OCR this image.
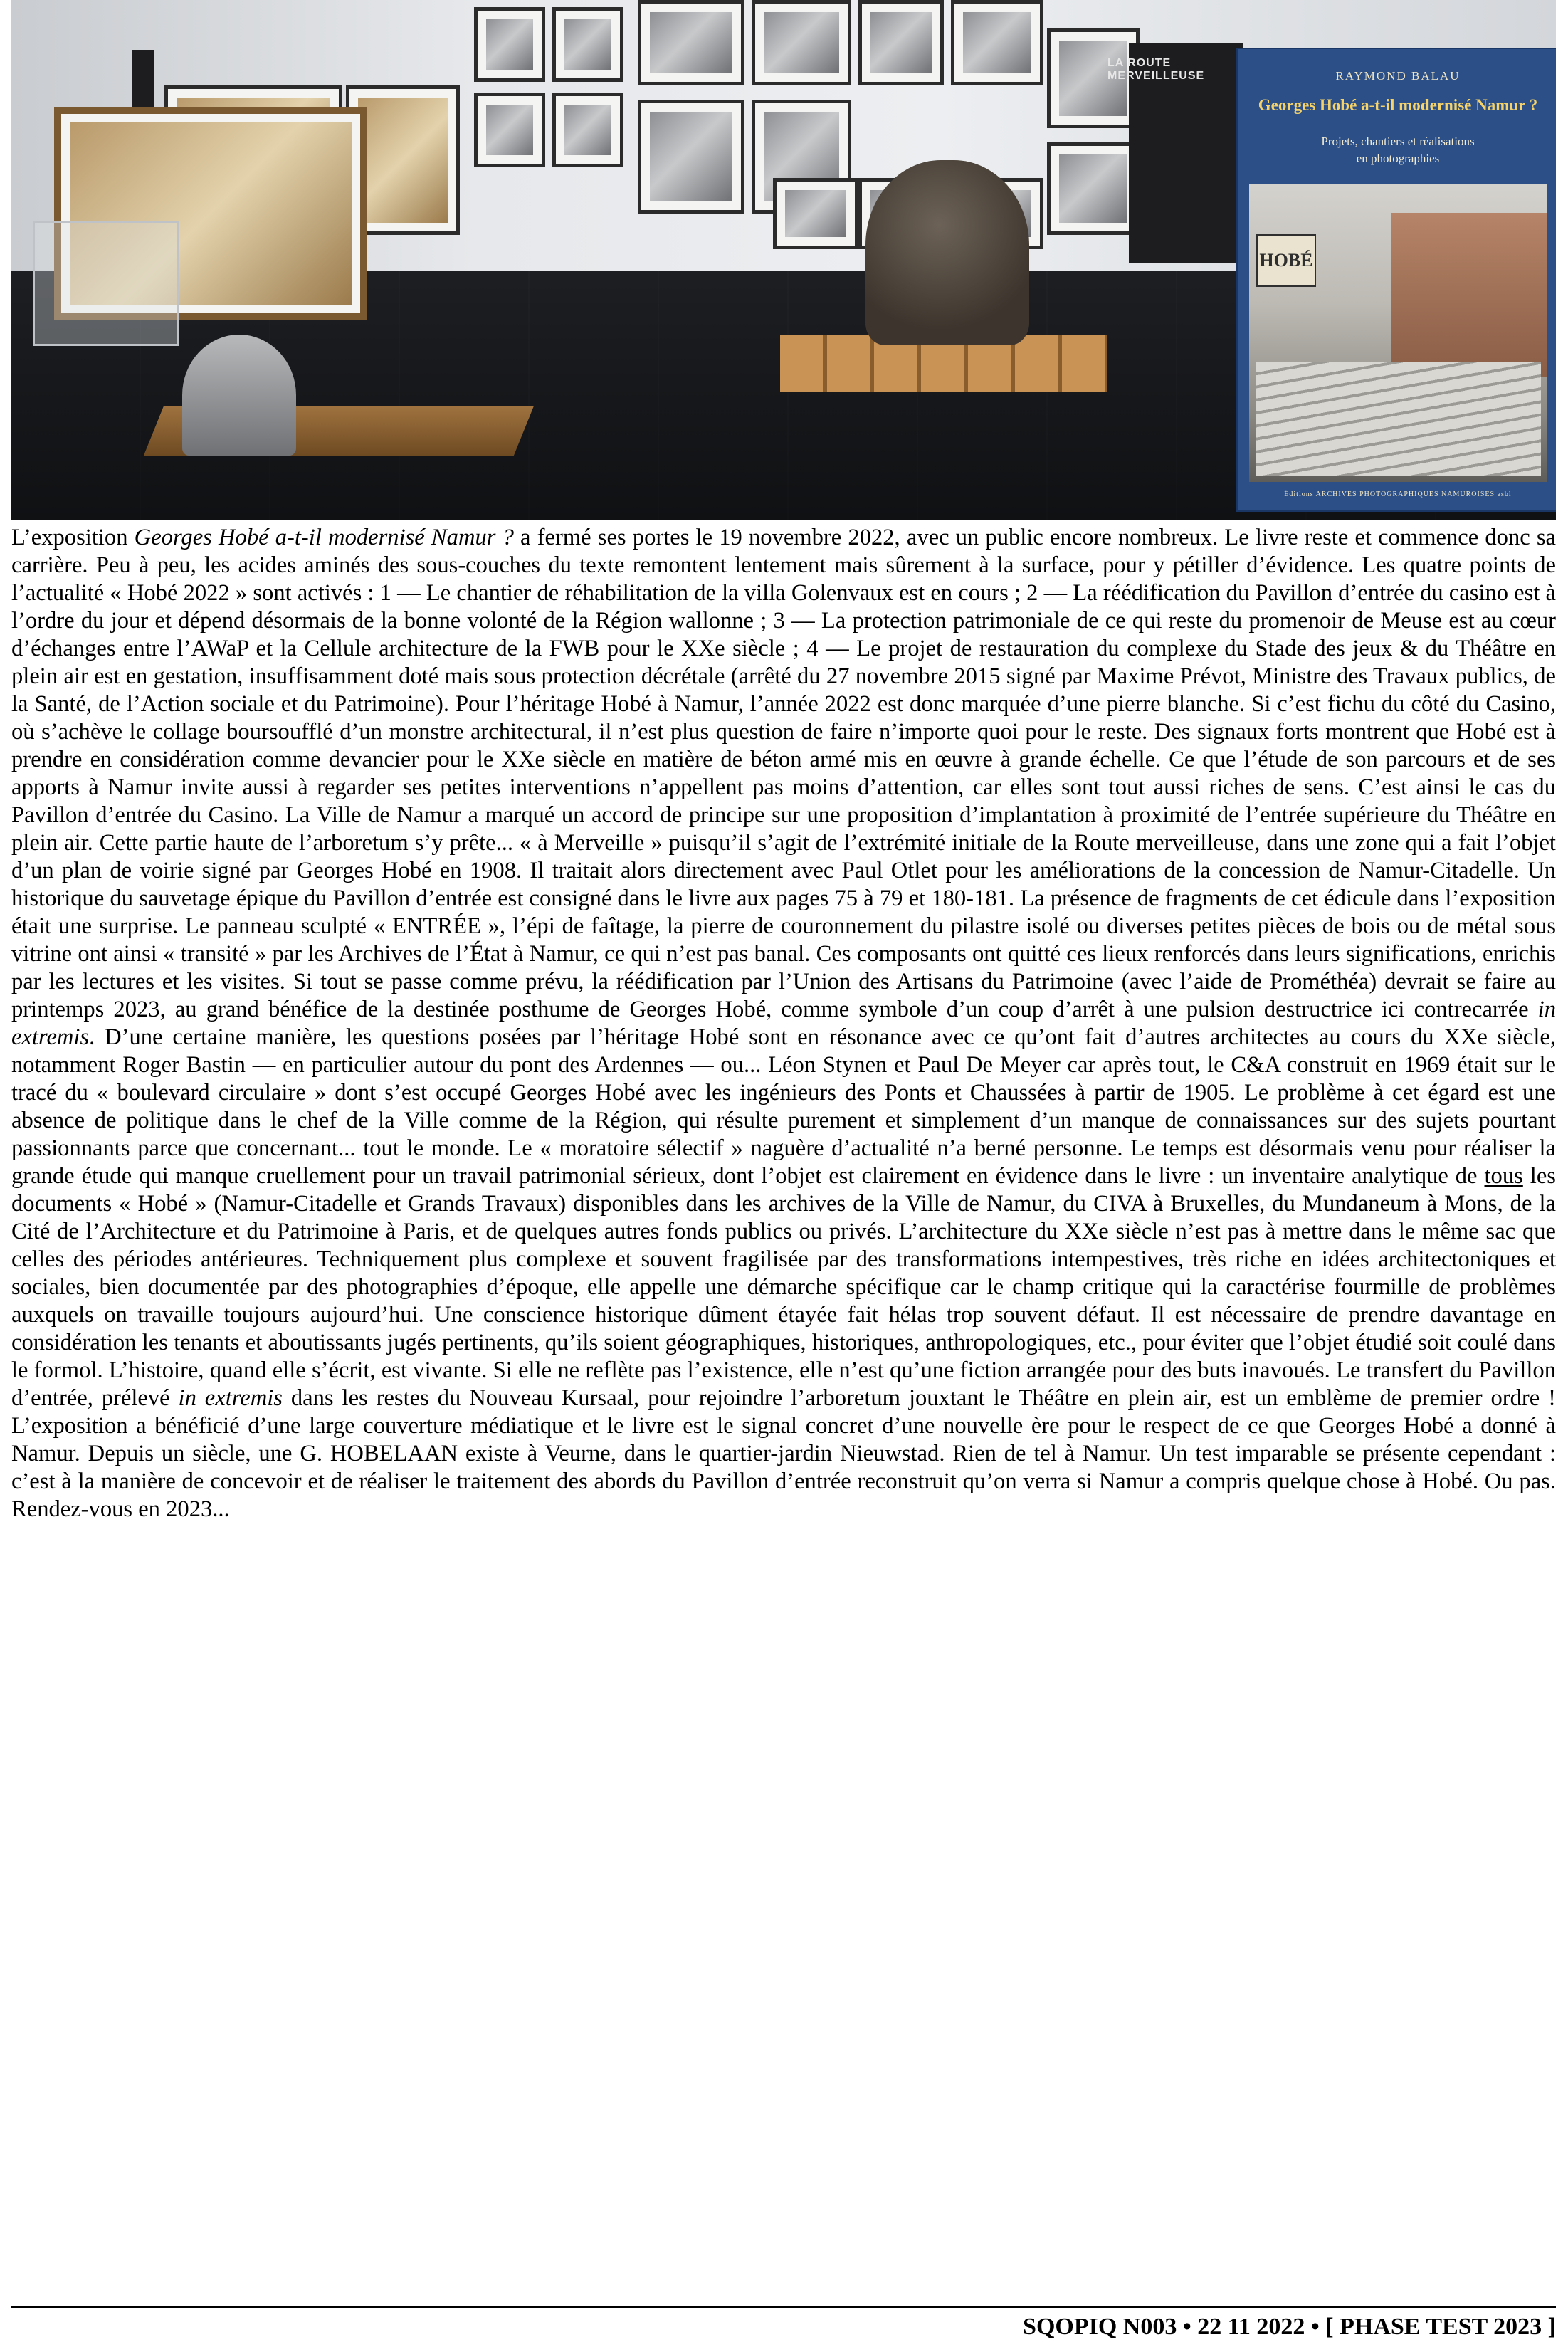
LA ROUTE MERVEILLEUSE	RAYMOND BALAU
Georges Hobé a-t-il modernisé Namur ?
Projets, chantiers et réalisations
en photographies
HOBÉ
Éditions ARCHIVES PHOTOGRAPHIQUES NAMUROISES asbl

L’exposition Georges Hobé a-t-il modernisé Namur ? a fermé ses portes le 19 novembre 2022, avec un public encore nombreux. Le livre reste et commence donc sa carrière. Peu à peu, les acides aminés des sous-couches du texte remontent lentement mais sûrement à la surface, pour y pétiller d’évidence. Les quatre points de l’actualité « Hobé 2022 » sont activés : 1 — Le chantier de réhabilitation de la villa Golenvaux est en cours ; 2 — La réédification du Pavillon d’entrée du casino est à l’ordre du jour et dépend désormais de la bonne volonté de la Région wallonne ; 3 — La protection patrimoniale de ce qui reste du promenoir de Meuse est au cœur d’échanges entre l’AWaP et la Cellule architecture de la FWB pour le XXe siècle ; 4 — Le projet de restauration du complexe du Stade des jeux & du Théâtre en plein air est en gestation, insuffisamment doté mais sous protection décrétale (arrêté du 27 novembre 2015 signé par Maxime Prévot, Ministre des Travaux publics, de la Santé, de l’Action sociale et du Patrimoine). Pour l’héritage Hobé à Namur, l’année 2022 est donc marquée d’une pierre blanche. Si c’est fichu du côté du Casino, où s’achève le collage boursoufflé d’un monstre architectural, il n’est plus question de faire n’importe quoi pour le reste. Des signaux forts montrent que Hobé est à prendre en considération comme devancier pour le XXe siècle en matière de béton armé mis en œuvre à grande échelle. Ce que l’étude de son parcours et de ses apports à Namur invite aussi à regarder ses petites interventions n’appellent pas moins d’attention, car elles sont tout aussi riches de sens. C’est ainsi le cas du Pavillon d’entrée du Casino. La Ville de Namur a marqué un accord de principe sur une proposition d’implantation à proximité de l’entrée supérieure du Théâtre en plein air. Cette partie haute de l’arboretum s’y prête... « à Merveille » puisqu’il s’agit de l’extrémité initiale de la Route merveilleuse, dans une zone qui a fait l’objet d’un plan de voirie signé par Georges Hobé en 1908. Il traitait alors directement avec Paul Otlet pour les améliorations de la concession de Namur-Citadelle. Un historique du sauvetage épique du Pavillon d’entrée est consigné dans le livre aux pages 75 à 79 et 180-181. La présence de fragments de cet édicule dans l’exposition était une surprise. Le panneau sculpté « ENTRÉE », l’épi de faîtage, la pierre de couronnement du pilastre isolé ou diverses petites pièces de bois ou de métal sous vitrine ont ainsi « transité » par les Archives de l’État à Namur, ce qui n’est pas banal. Ces composants ont quitté ces lieux renforcés dans leurs significations, enrichis par les lectures et les visites. Si tout se passe comme prévu, la réédification par l’Union des Artisans du Patrimoine (avec l’aide de Prométhéa) devrait se faire au printemps 2023, au grand bénéfice de la destinée posthume de Georges Hobé, comme symbole d’un coup d’arrêt à une pulsion destructrice ici contrecarrée in extremis. D’une certaine manière, les questions posées par l’héritage Hobé sont en résonance avec ce qu’ont fait d’autres architectes au cours du XXe siècle, notamment Roger Bastin — en particulier autour du pont des Ardennes — ou... Léon Stynen et Paul De Meyer car après tout, le C&A construit en 1969 était sur le tracé du « boulevard circulaire » dont s’est occupé Georges Hobé avec les ingénieurs des Ponts et Chaussées à partir de 1905. Le problème à cet égard est une absence de politique dans le chef de la Ville comme de la Région, qui résulte purement et simplement d’un manque de connaissances sur des sujets pourtant passionnants parce que concernant... tout le monde. Le « moratoire sélectif » naguère d’actualité n’a berné personne. Le temps est désormais venu pour réaliser la grande étude qui manque cruellement pour un travail patrimonial sérieux, dont l’objet est clairement en évidence dans le livre : un inventaire analytique de tous les documents « Hobé » (Namur-Citadelle et Grands Travaux) disponibles dans les archives de la Ville de Namur, du CIVA à Bruxelles, du Mundaneum à Mons, de la Cité de l’Architecture et du Patrimoine à Paris, et de quelques autres fonds publics ou privés. L’architecture du XXe siècle n’est pas à mettre dans le même sac que celles des périodes antérieures. Techniquement plus complexe et souvent fragilisée par des transformations intempestives, très riche en idées architectoniques et sociales, bien documentée par des photographies d’époque, elle appelle une démarche spécifique car le champ critique qui la caractérise fourmille de problèmes auxquels on travaille toujours aujourd’hui. Une conscience historique dûment étayée fait hélas trop souvent défaut. Il est nécessaire de prendre davantage en considération les tenants et aboutissants jugés pertinents, qu’ils soient géographiques, historiques, anthropologiques, etc., pour éviter que l’objet étudié soit coulé dans le formol. L’histoire, quand elle s’écrit, est vivante. Si elle ne reflète pas l’existence, elle n’est qu’une fiction arrangée pour des buts inavoués. Le transfert du Pavillon d’entrée, prélevé in extremis dans les restes du Nouveau Kursaal, pour rejoindre l’arboretum jouxtant le Théâtre en plein air, est un emblème de premier ordre ! L’exposition a bénéficié d’une large couverture médiatique et le livre est le signal concret d’une nouvelle ère pour le respect de ce que Georges Hobé a donné à Namur. Depuis un siècle, une G. HOBELAAN existe à Veurne, dans le quartier-jardin Nieuwstad. Rien de tel à Namur. Un test imparable se présente cependant : c’est à la manière de concevoir et de réaliser le traitement des abords du Pavillon d’entrée reconstruit qu’on verra si Namur a compris quelque chose à Hobé. Ou pas. Rendez-vous en 2023...

SQOPIQ N003 • 22 11 2022 • [ PHASE TEST 2023 ]
